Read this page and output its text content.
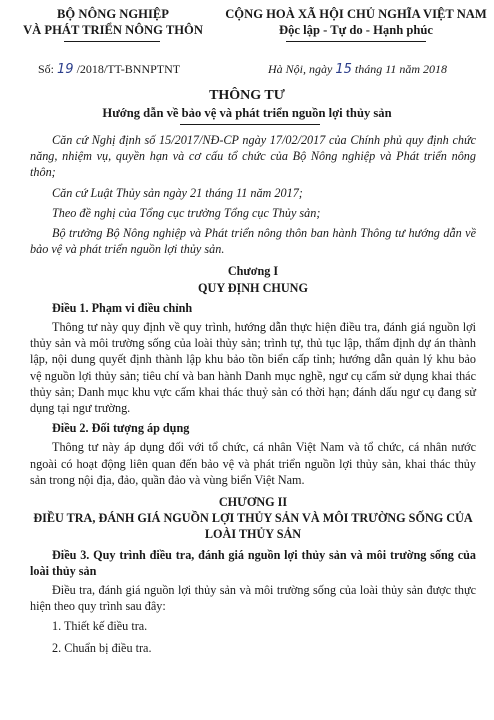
BỘ NÔNG NGHIỆP
VÀ PHÁT TRIỂN NÔNG THÔN
CỘNG HOÀ XÃ HỘI CHỦ NGHĨA VIỆT NAM
Độc lập - Tự do - Hạnh phúc
Số: 19 /2018/TT-BNNPTNT	Hà Nội, ngày 15 tháng 11 năm 2018
THÔNG TƯ
Hướng dẫn về bảo vệ và phát triển nguồn lợi thủy sản

Căn cứ Nghị định số 15/2017/NĐ-CP ngày 17/02/2017 của Chính phủ quy định chức năng, nhiệm vụ, quyền hạn và cơ cấu tổ chức của Bộ Nông nghiệp và Phát triển nông thôn;

Căn cứ Luật Thủy sản ngày 21 tháng 11 năm 2017;

Theo đề nghị của Tổng cục trưởng Tổng cục Thủy sản;

Bộ trưởng Bộ Nông nghiệp và Phát triển nông thôn ban hành Thông tư hướng dẫn về bảo vệ và phát triển nguồn lợi thủy sản.

Chương I
QUY ĐỊNH CHUNG

Điều 1. Phạm vi điều chỉnh

Thông tư này quy định về quy trình, hướng dẫn thực hiện điều tra, đánh giá nguồn lợi thủy sản và môi trường sống của loài thủy sản; trình tự, thủ tục lập, thẩm định dự án thành lập, nội dung quyết định thành lập khu bảo tồn biển cấp tỉnh; hướng dẫn quản lý khu bảo vệ nguồn lợi thủy sản; tiêu chí và ban hành Danh mục nghề, ngư cụ cấm sử dụng khai thác thủy sản; Danh mục khu vực cấm khai thác thuỷ sản có thời hạn; đánh dấu ngư cụ đang sử dụng tại ngư trường.

Điều 2. Đối tượng áp dụng

Thông tư này áp dụng đối với tổ chức, cá nhân Việt Nam và tổ chức, cá nhân nước ngoài có hoạt động liên quan đến bảo vệ và phát triển nguồn lợi thủy sản, khai thác thủy sản trong nội địa, đảo, quần đảo và vùng biển Việt Nam.

CHƯƠNG II
ĐIỀU TRA, ĐÁNH GIÁ NGUỒN LỢI THỦY SẢN VÀ MÔI TRƯỜNG SỐNG CỦA LOÀI THỦY SẢN

Điều 3. Quy trình điều tra, đánh giá nguồn lợi thủy sản và môi trường sống của loài thủy sản

Điều tra, đánh giá nguồn lợi thủy sản và môi trường sống của loài thủy sản được thực hiện theo quy trình sau đây:

1. Thiết kế điều tra.

2. Chuẩn bị điều tra.
